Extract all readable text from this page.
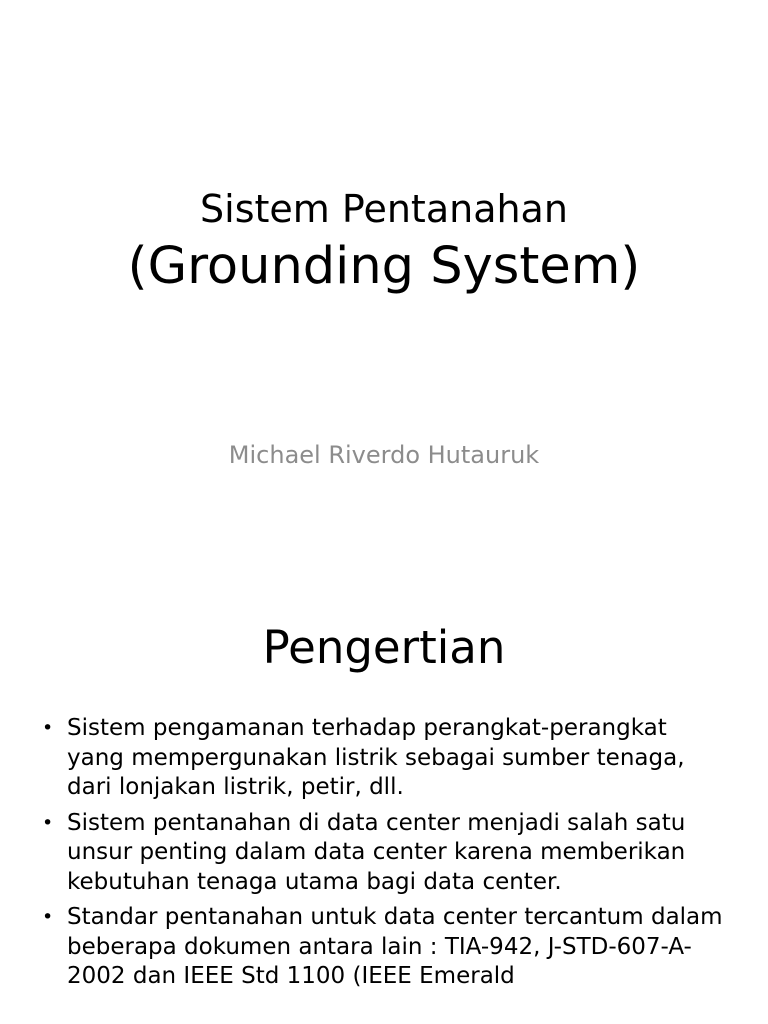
Sistem Pentanahan
(Grounding System)
Michael Riverdo Hutauruk
Pengertian
• Sistem pengamanan terhadap perangkat-perangkat yang mempergunakan listrik sebagai sumber tenaga, dari lonjakan listrik, petir, dll.
• Sistem pentanahan di data center menjadi salah satu unsur penting dalam data center karena memberikan kebutuhan tenaga utama bagi data center.
• Standar pentanahan untuk data center tercantum dalam beberapa dokumen antara lain : TIA-942, J-STD-607-A-2002 dan IEEE Std 1100 (IEEE Emerald
